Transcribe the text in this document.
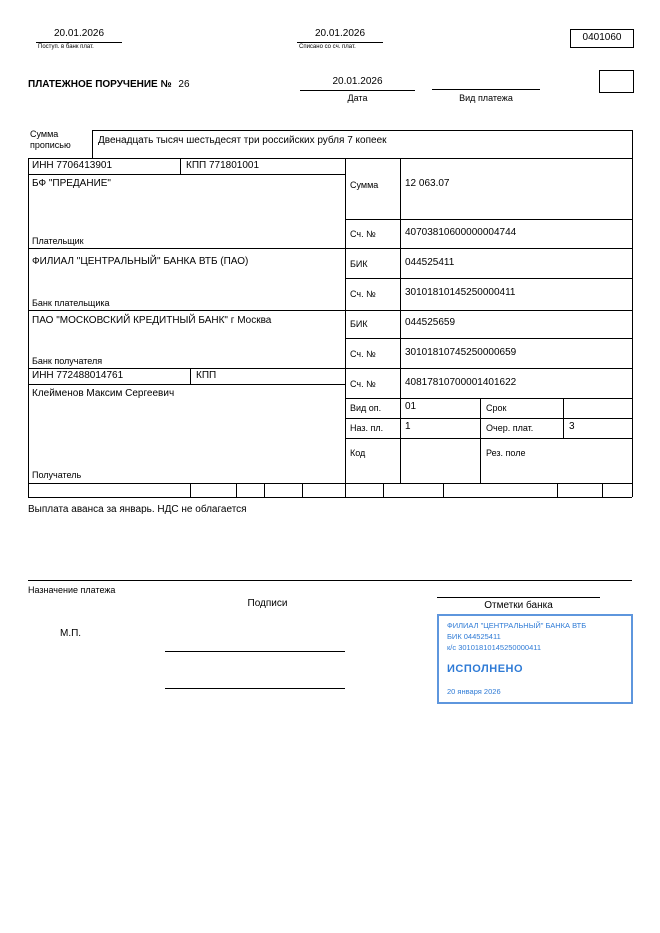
20.01.2026
Поступ. в банк плат.
20.01.2026
Списано со сч. плат.
0401060
ПЛАТЕЖНОЕ ПОРУЧЕНИЕ № 26	20.01.2026
Дата	Вид платежа
Сумма
прописью	Двенадцать тысяч шестьдесят три российских рубля 7 копеек
ИНН 7706413901	КПП 771801001
БФ "ПРЕДАНИЕ"
Плательщик
Сумма	12 063.07
Сч. №	40703810600000004744
ФИЛИАЛ "ЦЕНТРАЛЬНЫЙ" БАНКА ВТБ (ПАО)
Банк плательщика
БИК	044525411
Сч. №	30101810145250000411
ПАО "МОСКОВСКИЙ КРЕДИТНЫЙ БАНК" г Москва
Банк получателя
БИК	044525659
Сч. №	30101810745250000659
ИНН 772488014761	КПП
Клейменов Максим Сергеевич
Получатель
Сч. №	40817810700001401622
Вид оп. 01	Срок
Наз. пл. 1	Очер. плат.	3
Код	Рез. поле
Выплата аванса за январь. НДС не облагается
Назначение платежа
Подписи	Отметки банка
М.П.
ФИЛИАЛ "ЦЕНТРАЛЬНЫЙ" БАНКА ВТБ
БИК 044525411
к/с 30101810145250000411
ИСПОЛНЕНО
20 января 2026
